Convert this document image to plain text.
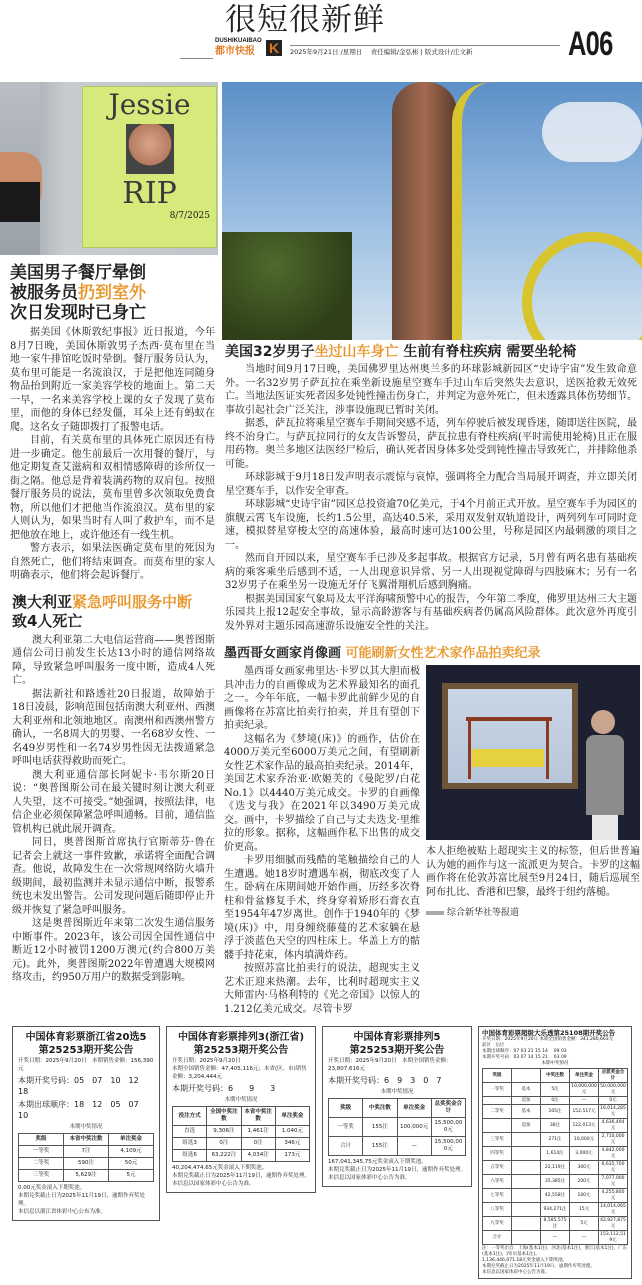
很短很新鲜
DUSHIKUAIBAO
都市快报 K	2025年9月21日 /星期日　 责任编辑/金弘彬 | 版式设计/庄文新	A06
Jessie
RIP
8/7/2025
美国男子餐厅晕倒
被服务员扔到室外
次日发现时已身亡

据美国《休斯敦纪事报》近日报道，今年8月7日晚，美国休斯敦男子杰西·莫布里在当地一家牛排馆吃饭时晕倒。餐厅服务员认为，莫布里可能是一名流浪汉，于是把他连同随身物品抬到附近一家美容学校的地面上。第二天一早，一名来美容学校上课的女子发现了莫布里，而他的身体已经发僵，耳朵上还有蚂蚁在爬。这名女子随即拨打了报警电话。

目前，有关莫布里的具体死亡原因还有待进一步确定。他生前最后一次用餐的餐厅，与他定期复查艾滋病和双相情感障碍的诊所仅一街之隔。他总是背着装满药物的双肩包。按照餐厅服务员的说法，莫布里曾多次领取免费食物，所以他们才把他当作流浪汉。莫布里的家人则认为，如果当时有人叫了救护车，而不是把他放在地上，或许他还有一线生机。

警方表示，如果法医确定莫布里的死因为自然死亡，他们将结束调查。而莫布里的家人明确表示，他们将会起诉餐厅。

澳大利亚紧急呼叫服务中断
致4人死亡

澳大利亚第二大电信运营商——奥普图斯通信公司日前发生长达13小时的通信网络故障，导致紧急呼叫服务一度中断，造成4人死亡。

据法新社和路透社20日报道，故障始于18日凌晨，影响范围包括南澳大利亚州、西澳大利亚州和北领地地区。南澳州和西澳州警方确认，一名8周大的男婴、一名68岁女性、一名49岁男性和一名74岁男性因无法拨通紧急呼叫电话获得救助而死亡。

澳大利亚通信部长阿妮卡·韦尔斯20日说：“奥普图斯公司在最关键时刻让澳大利亚人失望，这不可接受。”她强调，按照法律，电信企业必须保障紧急呼叫通畅。目前，通信监管机构已就此展开调查。

同日，奥普图斯首席执行官斯蒂芬·鲁在记者会上就这一事件致歉，承诺将全面配合调查。他说，故障发生在一次常规网络防火墙升级期间，最初监测并未显示通信中断，报警系统也未发出警告。公司发现问题后随即停止升级并恢复了紧急呼叫服务。

这是奥普图斯近年来第二次发生通信服务中断事件。2023年，该公司因全国性通信中断近12小时被罚1200万澳元(约合800万美元)。此外，奥普图斯2022年曾遭遇大规模网络攻击，约950万用户的数据受到影响。

美国32岁男子坐过山车身亡 生前有脊柱疾病 需要坐轮椅

当地时间9月17日晚，美国佛罗里达州奥兰多的环球影城新园区“史诗宇宙”发生致命意外。一名32岁男子萨瓦拉在乘坐新设施星空赛车手过山车后突然失去意识，送医抢救无效死亡。当地法医证实死者因多处钝性撞击伤身亡，并判定为意外死亡，但未透露具体伤势细节。事故引起社会广泛关注，涉事设施现已暂时关闭。

据悉，萨瓦拉将乘星空赛车手期间突感不适，列车停驶后被发现昏迷，随即送往医院，最终不治身亡。与萨瓦拉同行的女友告诉警员，萨瓦拉患有脊柱疾病(平时需使用轮椅)且正在服用药物。奥兰多地区法医经尸检后，确认死者因身体多处受到钝性撞击导致死亡，并排除他杀可能。

环球影城于9月18日发声明表示震惊与哀悼，强调将全力配合当局展开调查，并立即关闭星空赛车手，以作安全审查。

环球影城“史诗宇宙”园区总投资逾70亿美元，于4个月前正式开放。星空赛车手为园区的旗舰云霄飞车设施，长约1.5公里，高达40.5米，采用双发射双轨道设计，两列列车可同时竞速，模拟替星穿梭太空的高速体验，最高时速可达100公里，号称是园区内最刺激的项目之一。

然而自开园以来，星空赛车手已涉及多起事故。根据官方记录，5月曾有两名患有基础疾病的乘客乘坐后感到不适，一人出现意识异常、另一人出现视觉障碍与四肢麻木；另有一名32岁男子在乘坐另一设施无牙仔飞翼滑翔机后感到胸痛。

根据美国国家气象局及太平洋海啸预警中心的报告，今年第二季度，佛罗里达州三大主题乐园共上报12起安全事故，显示高龄游客与有基础疾病者仍属高风险群体。此次意外再度引发外界对主题乐园高速游乐设施安全性的关注。

墨西哥女画家肖像画 可能刷新女性艺术家作品拍卖纪录

墨西哥女画家弗里达·卡罗以其大胆而极具冲击力的自画像成为艺术界最知名的面孔之一。今年年底，一幅卡罗此前鲜少见的自画像将在苏富比拍卖行拍卖，并且有望创下拍卖纪录。

这幅名为《梦境(床)》的画作，估价在4000万美元至6000万美元之间，有望刷新女性艺术家作品的最高拍卖纪录。2014年，美国艺术家乔治亚·欧姬芙的《曼陀罗/白花No.1》以4440万美元成交。卡罗的自画像《迭戈与我》在2021年以3490万美元成交。画中，卡罗描绘了自己与丈夫迭戈·里维拉的形象。据称，这幅画作私下出售的成交价更高。

卡罗用细腻而残酷的笔触描绘自己的人生遭遇。她18岁时遭遇车祸，彻底改变了人生。卧病在床期间她开始作画，历经多次脊柱和骨盆修复手术，终身穿着矫形石膏衣直至1954年47岁离世。创作于1940年的《梦境(床)》中，用身缠绕藤蔓的艺术家躺在悬浮于淡蓝色天空的四柱床上。华盖上方的骷髅手持花束，体内填满炸药。

按照苏富比拍卖行的说法，超现实主义艺术正迎来热潮。去年，比利时超现实主义大师雷内·马格利特的《光之帝国》以惊人的1.212亿美元成交。尽管卡罗

本人拒绝被贴上超现实主义的标签，但后世普遍认为她的画作与这一流派更为契合。卡罗的这幅画作将在伦敦苏富比展至9月24日，随后巡展至阿布扎比、香港和巴黎，最终于纽约落槌。

综合新华社等报道
中国体育彩票浙江省20选5
第25253期开奖公告
开奖日期：2025年9月20日　 本期销售金额：156,390元
本期开奖号码：05　07　10　12　18
本期出球顺序：18　12　05　07　10
本期中奖情况
奖级	本省中奖注数	单注奖金
一等奖	7注	4,109元
二等奖	590注	50元
三等奖	5,629注	5元
0.00元奖金滚入下期奖池。
本期兑奖截止日为2025年11月19日，逾期作弃奖处理。
本信息以浙江省体彩中心公布为准。
中国体育彩票排列3(浙江省)
第25253期开奖公告
开奖日期：2025年9月20日
本期全国销售金额：47,405,116元；本省(区、市)销售金额：3,204,444元
本期开奖号码：6　　9　　3
本期中奖情况
投注方式	全国中奖注数	本省中奖注数	单注奖金
直选	9,306注	1,461注	1,040元
组选3	0注	0注	346元
组选6	63,222注	4,034注	173元
40,204,474.65元奖金滚入下期奖池。
本期兑奖截止日为2025年11月19日，逾期作弃奖处理。
本信息以国家体彩中心公告为准。
中国体育彩票排列5
第25253期开奖公告
开奖日期：2025年9月20日　 本期全国销售金额：23,807,616元
本期开奖号码：6　9　3　0　7
本期中奖情况
奖级	中奖注数	单注奖金	总奖奖金合计
一等奖	155注	100,000元	15,500,000元
合计	155注	—	15,500,000元
167,041,345.75元奖金滚入下期奖池。
本期兑奖截止日为2025年11月19日，逾期作弃奖处理。
本信息以国家体彩中心公告为准。
中国体育彩票超级大乐透第25108期开奖公告
开奖日期：2025年9月20日 本期全国销售金额：341,280,663元
前区　 后区
本期出球顺序：07 03 21 15 14　 09 03
本期开奖号码：03 07 14 15 21　 03 09
本期中奖情况
奖级		中奖注数	单注奖金	应派奖金合计
一等奖	基本	5注	10,000,000元	50,000,000元
	追加	0注	—	0元
二等奖	基本	105注	152,517元	16,014,285元
	追加	38注	122,013元	4,636,494元
三等奖		271注	10,000元	2,710,000元
四等奖		1,614注	3,000元	4,842,000元
五等奖		22,119注	300元	6,635,700元
六等奖		35,385注	200元	7,077,000元
七等奖		42,558注	100元	4,255,800元
八等奖		934,271注	15元	14,014,065元
九等奖		8,585,575注	5元	42,927,875元
合计		—	—	153,112,519元
注：一等奖出自：上海(基本1注)，河北(基本1注)，浙江(基本1注)，广东(基本1注)，四川(基本1注)。
1,136,446,071.18元奖金滚入下期奖池。
本期兑奖截止日为2025年11月19日，逾期作弃奖处理。
本信息以国家体彩中心公告为准。
